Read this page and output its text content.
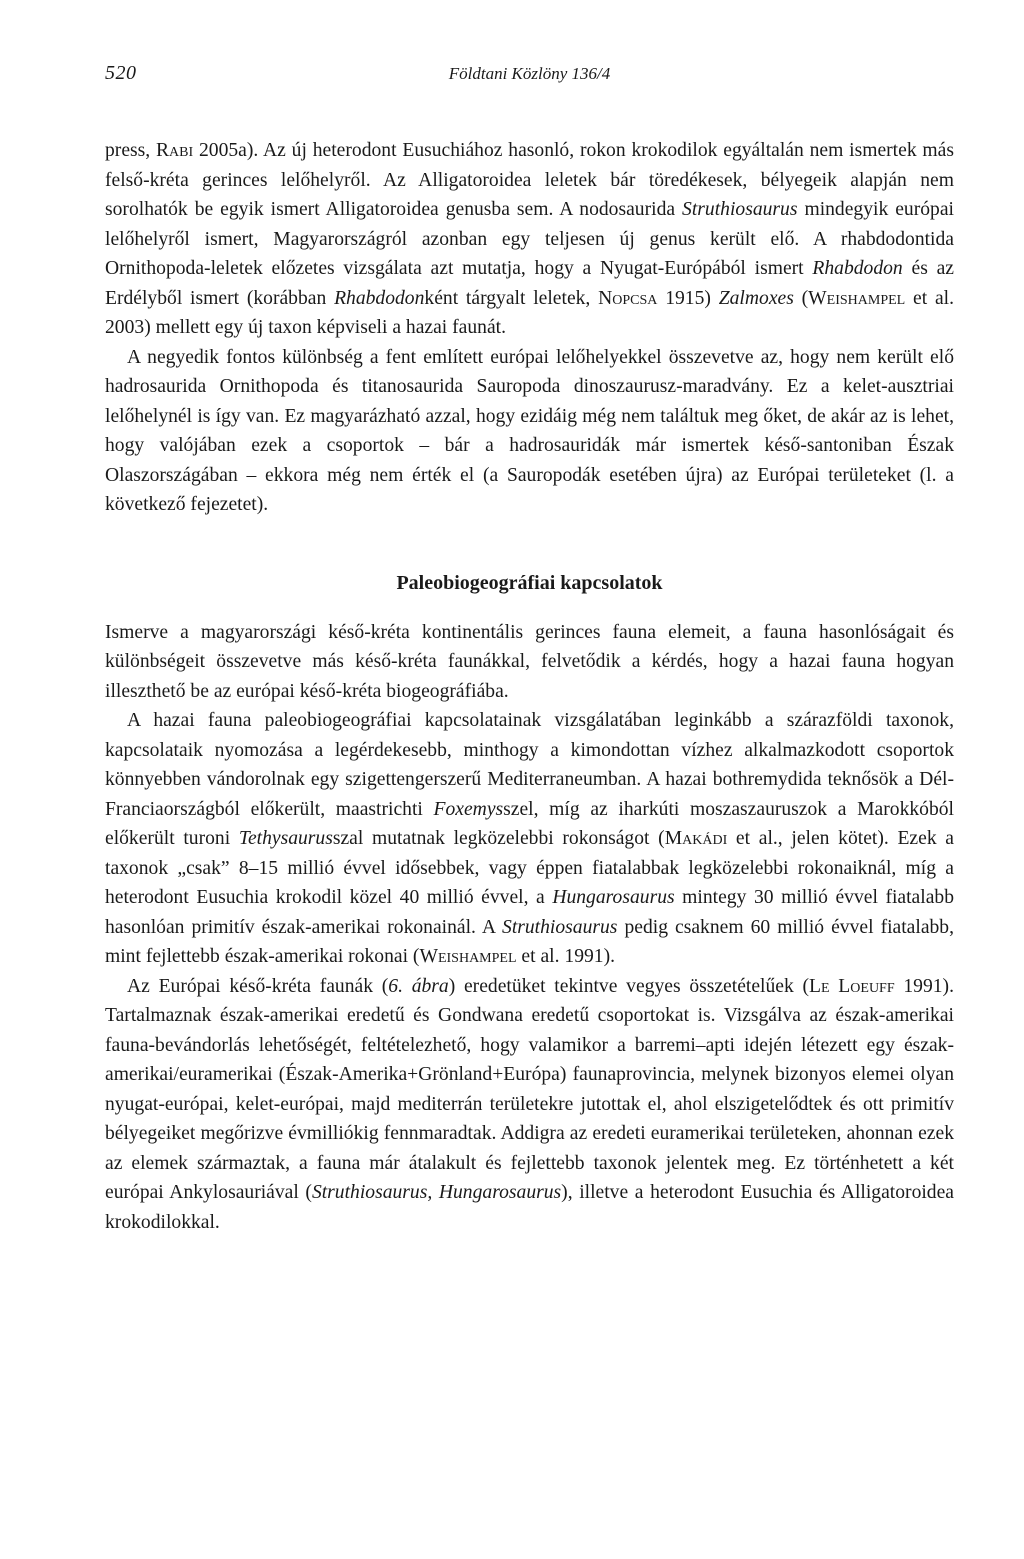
520	Földtani Közlöny 136/4

press, Rabi 2005a). Az új heterodont Eusuchiához hasonló, rokon krokodilok egyáltalán nem ismertek más felső-kréta gerinces lelőhelyről. Az Alligatoroidea leletek bár töredékesek, bélyegeik alapján nem sorolhatók be egyik ismert Alligatoroidea genusba sem. A nodosaurida Struthiosaurus mindegyik európai lelőhelyről ismert, Magyarországról azonban egy teljesen új genus került elő. A rhabdodontida Ornithopoda-leletek előzetes vizsgálata azt mutatja, hogy a Nyugat-Európából ismert Rhabdodon és az Erdélyből ismert (korábban Rhabdodonként tárgyalt leletek, Nopcsa 1915) Zalmoxes (Weishampel et al. 2003) mellett egy új taxon képviseli a hazai faunát.

A negyedik fontos különbség a fent említett európai lelőhelyekkel összevetve az, hogy nem került elő hadrosaurida Ornithopoda és titanosaurida Sauropoda dinoszaurusz-maradvány. Ez a kelet-ausztriai lelőhelynél is így van. Ez magyarázható azzal, hogy ezidáig még nem találtuk meg őket, de akár az is lehet, hogy valójában ezek a csoportok – bár a hadrosauridák már ismertek késő-santoniban Észak Olaszországában – ekkora még nem érték el (a Sauropodák esetében újra) az Európai területeket (l. a következő fejezetet).

Paleobiogeográfiai kapcsolatok

Ismerve a magyarországi késő-kréta kontinentális gerinces fauna elemeit, a fauna hasonlóságait és különbségeit összevetve más késő-kréta faunákkal, felvetődik a kérdés, hogy a hazai fauna hogyan illeszthető be az európai késő-kréta biogeográfiába.

A hazai fauna paleobiogeográfiai kapcsolatainak vizsgálatában leginkább a szárazföldi taxonok, kapcsolataik nyomozása a legérdekesebb, minthogy a kimondottan vízhez alkalmazkodott csoportok könnyebben vándorolnak egy szigettengerszerű Mediterraneumban. A hazai bothremydida teknősök a Dél-Franciaországból előkerült, maastrichti Foxemysszel, míg az iharkúti moszaszauruszok a Marokkóból előkerült turoni Tethysaurusszal mutatnak legközelebbi rokonságot (Makádi et al., jelen kötet). Ezek a taxonok „csak” 8–15 millió évvel idősebbek, vagy éppen fiatalabbak legközelebbi rokonaiknál, míg a heterodont Eusuchia krokodil közel 40 millió évvel, a Hungarosaurus mintegy 30 millió évvel fiatalabb hasonlóan primitív észak-amerikai rokonainál. A Struthiosaurus pedig csaknem 60 millió évvel fiatalabb, mint fejlettebb észak-amerikai rokonai (Weishampel et al. 1991).

Az Európai késő-kréta faunák (6. ábra) eredetüket tekintve vegyes összetételűek (Le Loeuff 1991). Tartalmaznak észak-amerikai eredetű és Gondwana eredetű csoportokat is. Vizsgálva az észak-amerikai fauna-bevándorlás lehetőségét, feltételezhető, hogy valamikor a barremi–apti idején létezett egy észak-amerikai/euramerikai (Észak-Amerika+Grönland+Európa) faunaprovincia, melynek bizonyos elemei olyan nyugat-európai, kelet-európai, majd mediterrán területekre jutottak el, ahol elszigetelődtek és ott primitív bélyegeiket megőrizve évmilliókig fennmaradtak. Addigra az eredeti euramerikai területeken, ahonnan ezek az elemek származtak, a fauna már átalakult és fejlettebb taxonok jelentek meg. Ez történhetett a két európai Ankylosauriával (Struthiosaurus, Hungarosaurus), illetve a heterodont Eusuchia és Alligatoroidea krokodilokkal.
